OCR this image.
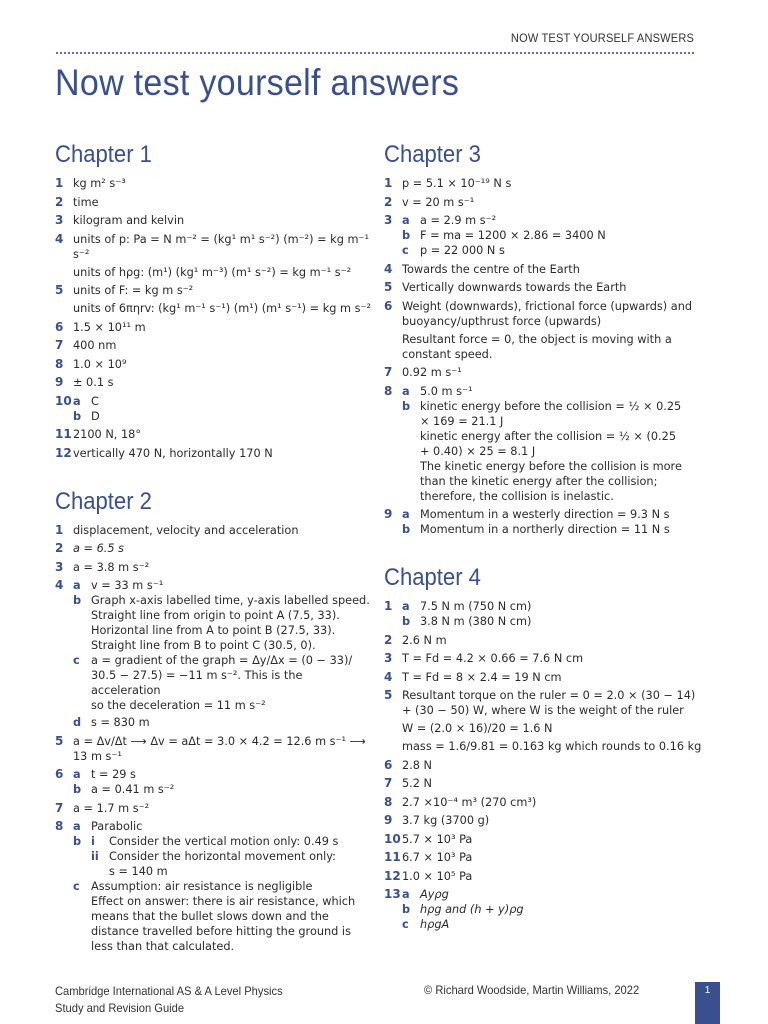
NOW TEST YOURSELF ANSWERS
Now test yourself answers
Chapter 1
1 kg m² s⁻³
2 time
3 kilogram and kelvin
4 units of p: Pa = N m⁻² = (kg¹ m¹ s⁻²) (m⁻²) = kg m⁻¹ s⁻²
units of hρg: (m¹) (kg¹ m⁻³) (m¹ s⁻²) = kg m⁻¹ s⁻²
5 units of F: = kg m s⁻²
units of 6πηrv: (kg¹ m⁻¹ s⁻¹) (m¹) (m¹ s⁻¹) = kg m s⁻²
6 1.5 × 10¹¹ m
7 400 nm
8 1.0 × 10⁹
9 ± 0.1 s
10 a C
b D
11 2100 N, 18°
12 vertically 470 N, horizontally 170 N
Chapter 2
1 displacement, velocity and acceleration
2 a = 6.5 s
3 a = 3.8 m s⁻²
4 a v = 33 m s⁻¹
b Graph x-axis labelled time, y-axis labelled speed.
Straight line from origin to point A (7.5, 33).
Horizontal line from A to point B (27.5, 33).
Straight line from B to point C (30.5, 0).
c a = gradient of the graph = Δy/Δx = (0 − 33)/
30.5 − 27.5) = −11 m s⁻². This is the acceleration
so the deceleration = 11 m s⁻²
d s = 830 m
5 a = Δv/Δt ⟶ Δv = aΔt = 3.0 × 4.2 = 12.6 m s⁻¹ ⟶
13 m s⁻¹
6 a t = 29 s
b a = 0.41 m s⁻²
7 a = 1.7 m s⁻²
8 a Parabolic
b i	Consider the vertical motion only: 0.49 s
ii Consider the horizontal movement only:
s = 140 m
c Assumption: air resistance is negligible
Effect on answer: there is air resistance, which
means that the bullet slows down and the
distance travelled before hitting the ground is
less than that calculated.
Chapter 3
1 p = 5.1 × 10⁻¹⁹ N s
2 v = 20 m s⁻¹
3 a a = 2.9 m s⁻²
b F = ma = 1200 × 2.86 = 3400 N
c p = 22 000 N s
4 Towards the centre of the Earth
5 Vertically downwards towards the Earth
6 Weight (downwards), frictional force (upwards) and
buoyancy/upthrust force (upwards)
Resultant force = 0, the object is moving with a
constant speed.
7 0.92 m s⁻¹
8 a 5.0 m s⁻¹
b kinetic energy before the collision = ½ × 0.25
× 169 = 21.1 J
kinetic energy after the collision = ½ × (0.25
+ 0.40) × 25 = 8.1 J
The kinetic energy before the collision is more
than the kinetic energy after the collision;
therefore, the collision is inelastic.
9 a Momentum in a westerly direction = 9.3 N s
b Momentum in a northerly direction = 11 N s
Chapter 4
1 a 7.5 N m (750 N cm)
b 3.8 N m (380 N cm)
2 2.6 N m
3 T = Fd = 4.2 × 0.66 = 7.6 N cm
4 T = Fd = 8 × 2.4 = 19 N cm
5 Resultant torque on the ruler = 0 = 2.0 × (30 − 14)
+ (30 − 50) W, where W is the weight of the ruler
W = (2.0 × 16)/20 = 1.6 N
mass = 1.6/9.81 = 0.163 kg which rounds to 0.16 kg
6 2.8 N
7 5.2 N
8 2.7 ×10⁻⁴ m³ (270 cm³)
9 3.7 kg (3700 g)
10 5.7 × 10³ Pa
11 6.7 × 10³ Pa
12 1.0 × 10⁵ Pa
13 a Ayρg
b hρg and (h + y)ρg
c hρgA
Cambridge International AS & A Level Physics
Study and Revision Guide
© Richard Woodside, Martin Williams, 2022	1
